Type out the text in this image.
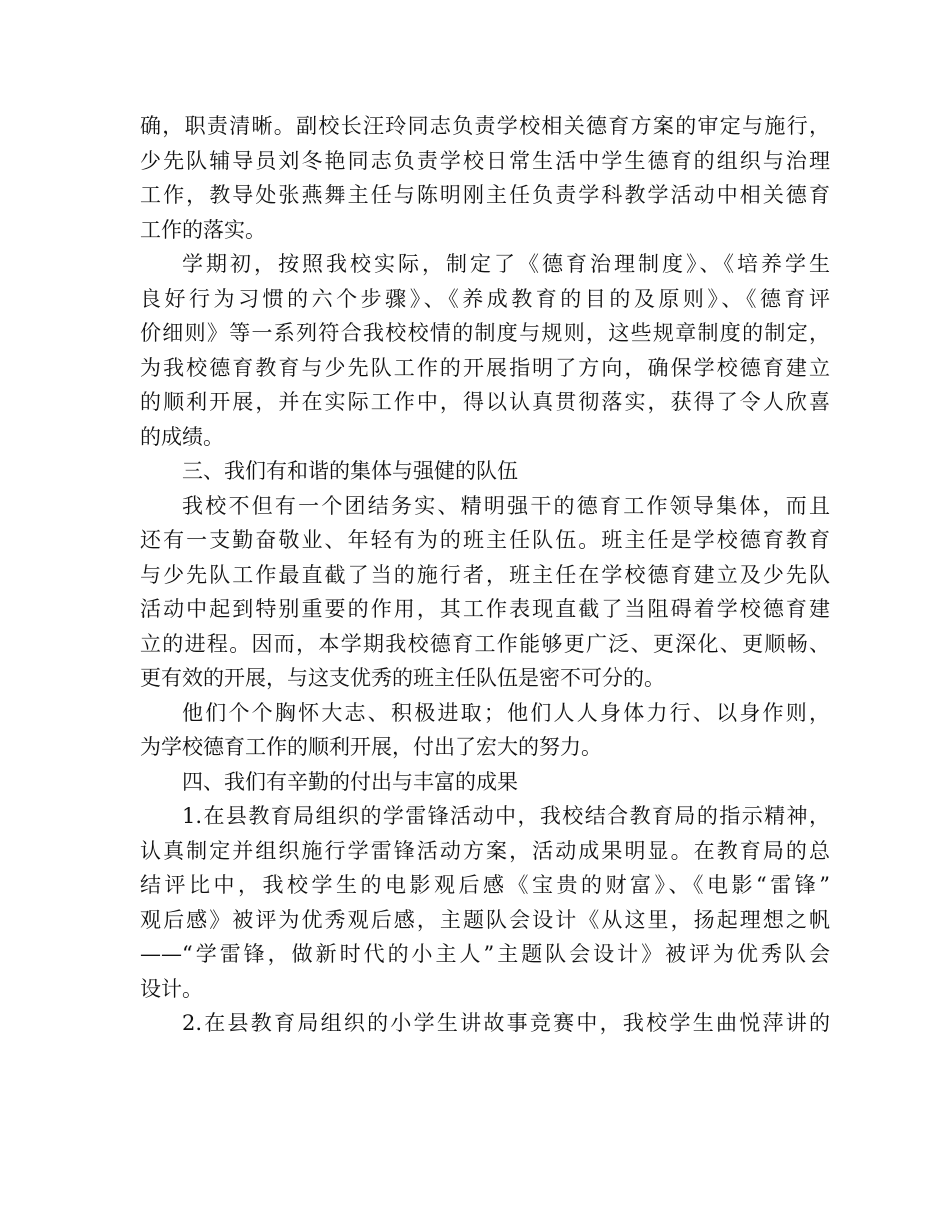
确，职责清晰。副校长汪玲同志负责学校相关德育方案的审定与施行，
少先队辅导员刘冬艳同志负责学校日常生活中学生德育的组织与治理
工作，教导处张燕舞主任与陈明刚主任负责学科教学活动中相关德育
工作的落实。
学期初，按照我校实际，制定了《德育治理制度》、《培养学生
良好行为习惯的六个步骤》、《养成教育的目的及原则》、《德育评
价细则》等一系列符合我校校情的制度与规则，这些规章制度的制定，
为我校德育教育与少先队工作的开展指明了方向，确保学校德育建立
的顺利开展，并在实际工作中，得以认真贯彻落实，获得了令人欣喜
的成绩。
三、我们有和谐的集体与强健的队伍
我校不但有一个团结务实、精明强干的德育工作领导集体，而且
还有一支勤奋敬业、年轻有为的班主任队伍。班主任是学校德育教育
与少先队工作最直截了当的施行者，班主任在学校德育建立及少先队
活动中起到特别重要的作用，其工作表现直截了当阻碍着学校德育建
立的进程。因而，本学期我校德育工作能够更广泛、更深化、更顺畅、
更有效的开展，与这支优秀的班主任队伍是密不可分的。
他们个个胸怀大志、积极进取；他们人人身体力行、以身作则，
为学校德育工作的顺利开展，付出了宏大的努力。
四、我们有辛勤的付出与丰富的成果
1.在县教育局组织的学雷锋活动中，我校结合教育局的指示精神，
认真制定并组织施行学雷锋活动方案，活动成果明显。在教育局的总
结评比中，我校学生的电影观后感《宝贵的财富》、《电影“雷锋”
观后感》被评为优秀观后感，主题队会设计《从这里，扬起理想之帆
——“学雷锋，做新时代的小主人”主题队会设计》被评为优秀队会
设计。
2.在县教育局组织的小学生讲故事竞赛中，我校学生曲悦萍讲的
